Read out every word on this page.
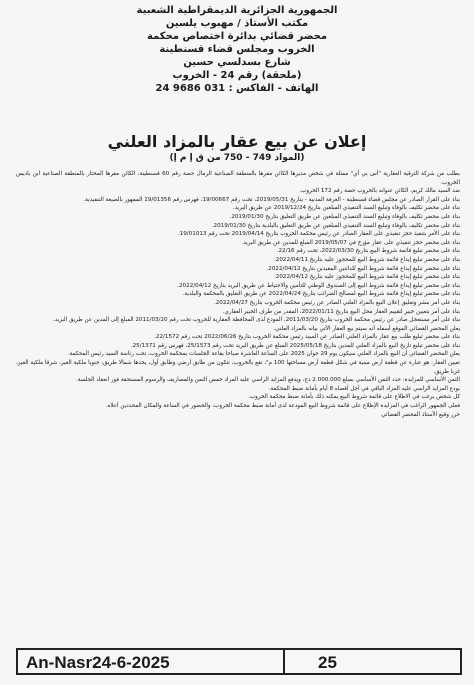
الجمهورية الجزائرية الديمقراطية الشعبية
مكتب الأستاذ / مهبوب يلسين
محضر قضائي بدائرة اختصاص محكمة
الخروب ومجلس قضاء قسنطينة
شارع بسدلسي حسين
(ملحقة) رقم 24 - الخروب
الهاتف - الفاكس : 031 9686 24
إعلان عن بيع عقار بالمزاد العلني
(المواد 749 - 750 من ق إ م إ)

بطلب من شركة الترقية العقارية "أس بي أي" ممثلة في شخص مديرها الكائن مقرها بالمنطقة الصناعية الرمال حصة رقم 60 قسنطينة، الكائن مقرها المختار بالمنطقة الصناعية ابن باديس الخروب.

ضد السيد مالك كريم، الكائن عنوانه بالخروب حصة رقم 172 الخروب.

بناء على القرار الصادر عن مجلس قضاء قسنطينة - الغرفة المدنية - بتاريخ 2019/05/31، تحت رقم 19/00667، فهرس رقم 19/01356 الممهور بالصيغة التنفيذية.

بناء على محضر تكليف بالوفاء وتبليغ السند التنفيذي المبلغين بتاريخ 2019/12/24 عن طريق البريد.

بناء على محضر تكليف بالوفاء وتبليغ السند التنفيذي المبلغين عن طريق التعليق بتاريخ 2019/01/30.

بناء على محضر تكليف بالوفاء وتبليغ السند التنفيذي المبلغين عن طريق التعليق بالبلدية بتاريخ 2019/01/30.

بناء على الأمر بتنفيذ حجز تنفيذي على العقار الصادر عن رئيس محكمة الخروب بتاريخ 2019/04/14 تحت رقم 19/01013.

بناء على محضر حجز تنفيذي على عقار مؤرخ في 2019/05/07 المبلغ للمدين عن طريق البريد.

بناء على محضر تبليغ قائمة شروط البيع بتاريخ 2022/03/30، تحت رقم 22/16.

بناء على محضر تبليغ إيداع قائمة شروط البيع للمحجوز عليه بتاريخ 2022/04/11.

بناء على محضر تبليغ إيداع قائمة شروط البيع للدائنين المقيدين بتاريخ 2022/04/12.

بناء على محضر تبليغ إيداع قائمة شروط البيع للمحجوز عليه بتاريخ 2022/04/12.

بناء على محضر تبليغ إيداع قائمة شروط البيع إلى الصندوق الوطني للتأمين والاحتياط عن طريق البريد بتاريخ 2022/04/12.

بناء على محضر تبليغ إيداع قائمة شروط البيع لمصالح الضرائب بتاريخ 2022/04/24 عن طريق التعليق بالمحكمة والبلدية.

بناء على أمر بنشر وتعليق إعلان البيع بالمزاد العلني الصادر عن رئيس محكمة الخروب بتاريخ 2022/04/27.

بناء على أمر بتعيين خبير لتقييم العقار محل البيع بتاريخ 2022/01/11، المقدر من طرف الخبير العقاري.

بناء على أمر مستعجل صادر عن رئيس محكمة الخروب بتاريخ 2011/03/20، المودع لدى المحافظة العقارية للخروب تحت رقم 2011/03/20 المبلغ إلى المدين عن طريق البريد.

يعلن المحضر القضائي الموقع أسفله أنه سيتم بيع العقار الآتي بيانه بالمزاد العلني.

بناء على محضر تبليغ طلب بيع عقار بالمزاد العلني الصادر عن السيد رئيس محكمة الخروب بتاريخ 2022/06/26 تحت رقم 22/1572.

بناء على محضر تبليغ تاريخ البيع بالمزاد العلني للمدين بتاريخ 2025/05/18 المبلغ عن طريق البريد تحت رقم 25/1573، فهرس رقم 25/1371.

يعلن المحضر القضائي أن البيع بالمزاد العلني سيكون يوم 29 جوان 2025 على الساعة العاشرة صباحا بقاعة الجلسات بمحكمة الخروب، تحت رئاسة السيد رئيس المحكمة.

تعيين العقار: هو عبارة عن قطعة أرض مبنية في شكل قطعة أرض مساحتها 100 م²، تقع بالخروب، تتكون من طابق أرضي وطابق أول، يحدها شمالا طريق، جنوبا ملكية الغير، شرقا ملكية الغير، غربا طريق.

الثمن الأساسي للمزايدة: حدد الثمن الأساسي بمبلغ 2.000.000 دج، ويدفع المزايد الراسي عليه المزاد خمس الثمن والمصاريف والرسوم المستحقة فور انعقاد الجلسة.

يودع المزايد الراسي عليه المزاد الباقي في أجل أقصاه 8 أيام بأمانة ضبط المحكمة.

كل شخص يرغب في الاطلاع على قائمة شروط البيع يمكنه ذلك بأمانة ضبط محكمة الخروب.

فعلى الجمهور الراغب في المزايدة الإطلاع على قائمة شروط البيع المودعة لدى أمانة ضبط محكمة الخروب، والحضور في الساعة والمكان المحددين أعلاه.

حرر وقيع الأستاذ المحضر القضائي

An-Nasr24-6-2025	25
